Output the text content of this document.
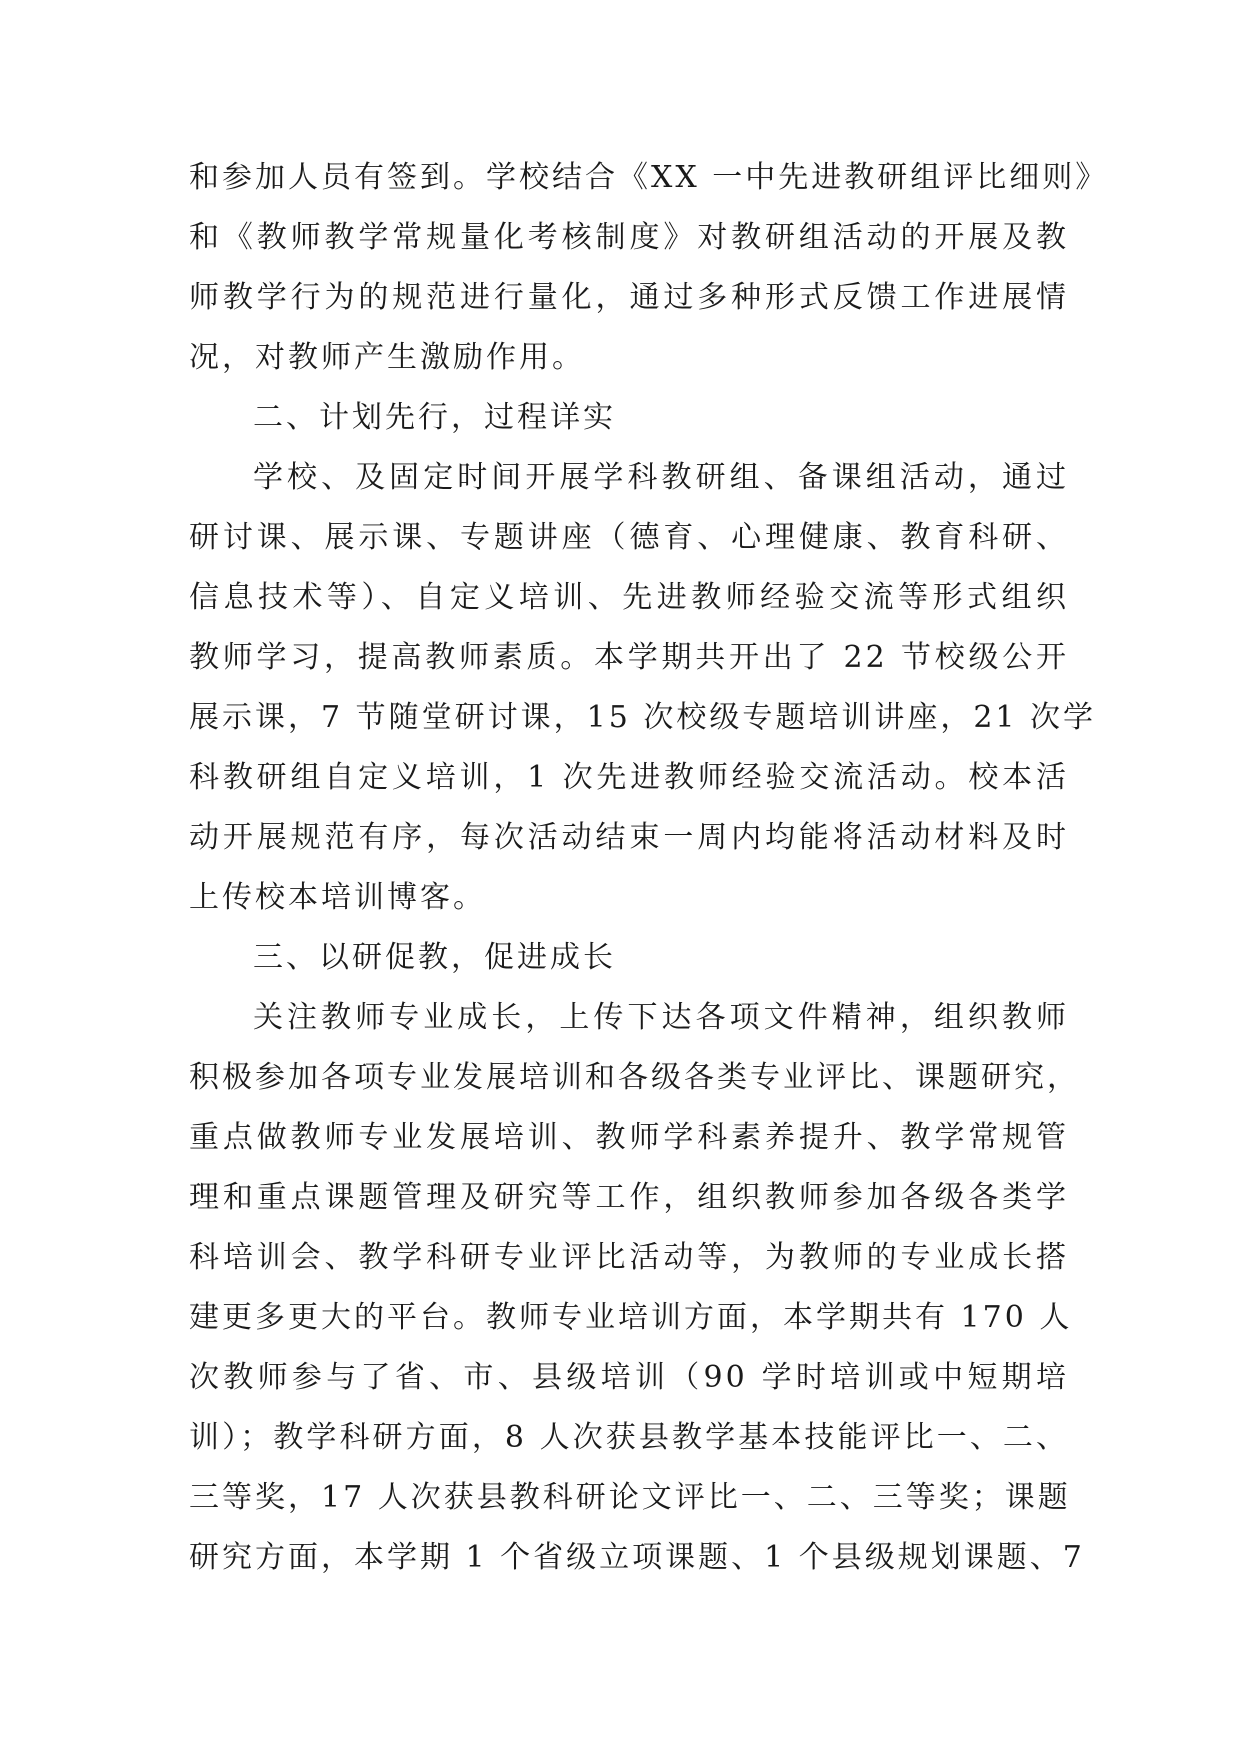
和参加人员有签到。学校结合《XX 一中先进教研组评比细则》
和《教师教学常规量化考核制度》对教研组活动的开展及教
师教学行为的规范进行量化，通过多种形式反馈工作进展情
况，对教师产生激励作用。
二、计划先行，过程详实
学校、及固定时间开展学科教研组、备课组活动，通过
研讨课、展示课、专题讲座（德育、心理健康、教育科研、
信息技术等）、自定义培训、先进教师经验交流等形式组织
教师学习，提高教师素质。本学期共开出了 22 节校级公开
展示课，7 节随堂研讨课，15 次校级专题培训讲座，21 次学
科教研组自定义培训，1 次先进教师经验交流活动。校本活
动开展规范有序，每次活动结束一周内均能将活动材料及时
上传校本培训博客。
三、以研促教，促进成长
关注教师专业成长，上传下达各项文件精神，组织教师
积极参加各项专业发展培训和各级各类专业评比、课题研究，
重点做教师专业发展培训、教师学科素养提升、教学常规管
理和重点课题管理及研究等工作，组织教师参加各级各类学
科培训会、教学科研专业评比活动等，为教师的专业成长搭
建更多更大的平台。教师专业培训方面，本学期共有 170 人
次教师参与了省、市、县级培训（90 学时培训或中短期培
训）；教学科研方面，8 人次获县教学基本技能评比一、二、
三等奖，17 人次获县教科研论文评比一、二、三等奖；课题
研究方面，本学期 1 个省级立项课题、1 个县级规划课题、7
